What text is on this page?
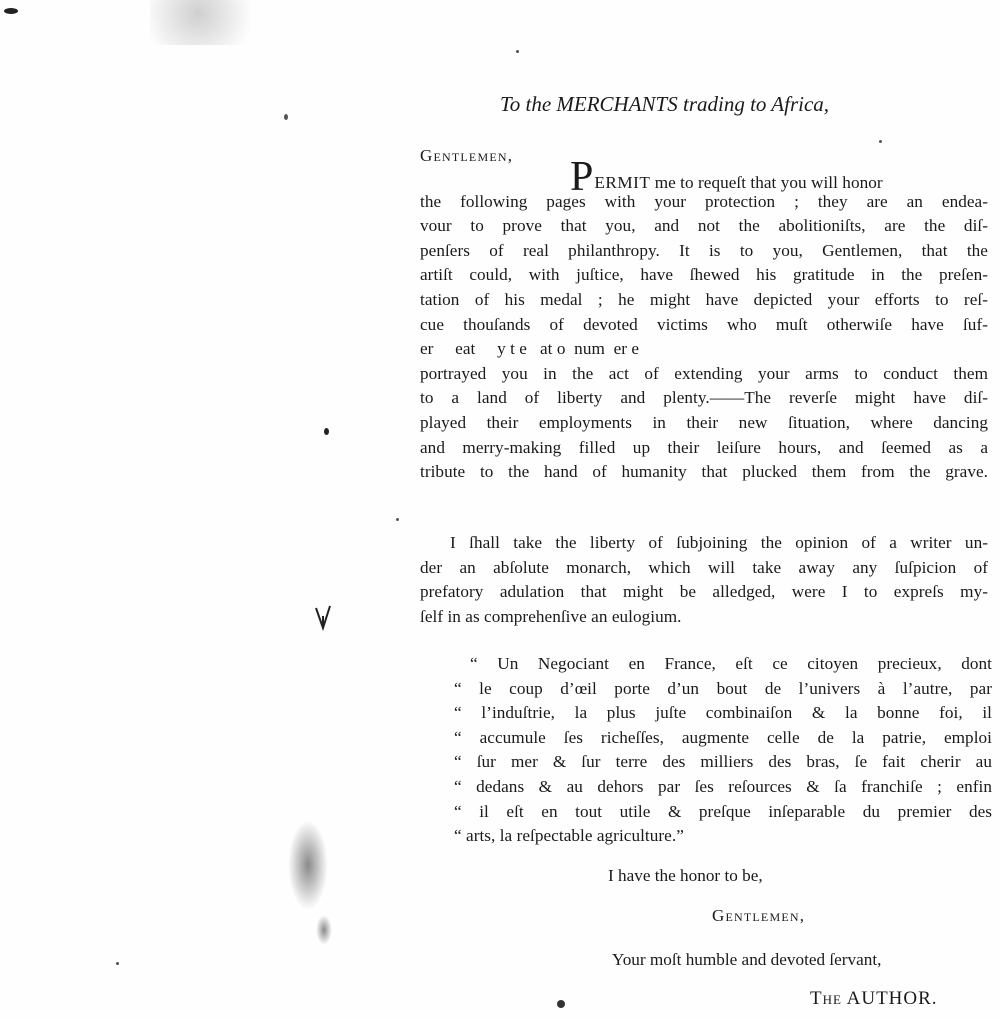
To the MERCHANTS trading to Africa,
Gentlemen,	PERMIT me to requeſt that you will honor
the following pages with your protection ; they are an endea-
vour to prove that you, and not the abolitioniſts, are the diſ-
penſers of real philanthropy. It is to you, Gentlemen, that the
artiſt could, with juſtice, have ſhewed his gratitude in the preſen-
tation of his medal ; he might have depicted your efforts to reſ-
cue thouſands of devoted victims who muſt otherwiſe have ſuf-
er     eat     y t e   at o  num  er e
portrayed you in the act of extending your arms to conduct them
to a land of liberty and plenty.——The reverſe might have diſ-
played their employments in their new ſituation, where dancing
and merry-making filled up their leiſure hours, and ſeemed as a
tribute to the hand of humanity that plucked them from the grave.
I ſhall take the liberty of ſubjoining the opinion of a writer un-
der an abſolute monarch, which will take away any ſuſpicion of
prefatory adulation that might be alledged, were I to expreſs my-
ſelf in as comprehenſive an eulogium.
“ Un Negociant en France, eſt ce citoyen precieux, dont
“ le coup d’œil porte d’un bout de l’univers à l’autre, par
“ l’induſtrie, la plus juſte combinaiſon & la bonne foi, il
“ accumule ſes richeſſes, augmente celle de la patrie, emploi
“ ſur mer & ſur terre des milliers des bras, ſe fait cherir au
“ dedans & au dehors par ſes reſources & ſa franchiſe ; enfin
“ il eſt en tout utile & preſque inſeparable du premier des
“ arts, la reſpectable agriculture.”
I have the honor to be,
Gentlemen,
Your moſt humble and devoted ſervant,
The AUTHOR.
